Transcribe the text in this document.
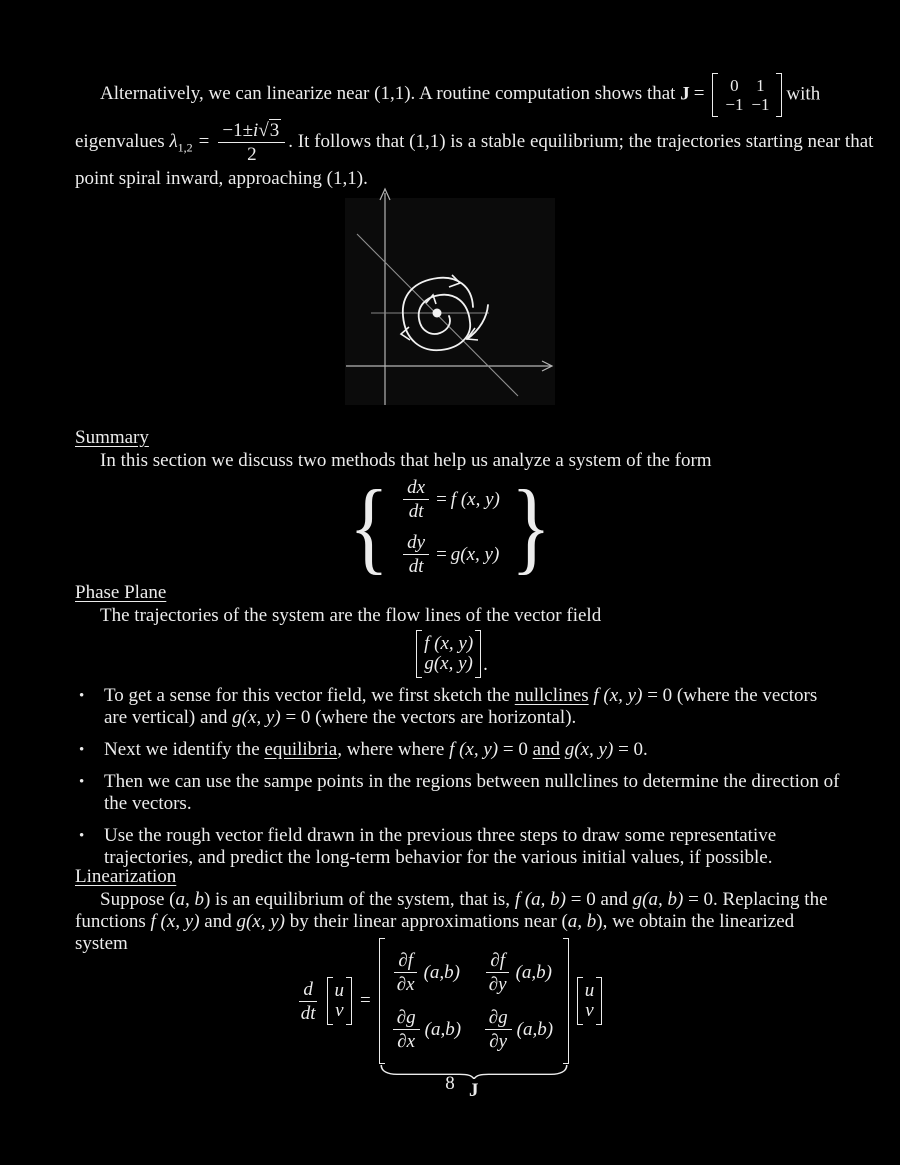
Alternatively, we can linearize near (1,1). A routine computation shows that J =	0	1
−1 −1
with
eigenvalues $\lambda_{1,2} = \frac{-1\pm i√3}{2}$ . It follows that (1,1) is a stable equilibrium; the trajectories starting near that
point spiral inward, approaching (1,1).
Summary
In this section we discuss two methods that help us analyze a system of the form
{ $\frac{dx}{dt} = f$ (x, y)
$\frac{dy}{dt} = g(x$, y) }
Phase Plane
The trajectories of the system are the flow lines of the vector field
f (x, y)
g(x, y) .
•	To get a sense for this vector field, we first sketch the nullclines f (x, y) = 0 (where the vectors are vertical) and g(x, y) = 0 (where the vectors are horizontal).
•	Next we identify the equilibria, where where f (x, y) = 0 and g(x, y) = 0.
•	Then we can use the sampe points in the regions between nullclines to determine the direction of the vectors.
•	Use the rough vector field drawn in the previous three steps to draw some representative trajectories, and predict the long-term behavior for the various initial values, if possible.
Linearization
Suppose (a, b) is an equilibrium of the system, that is, f (a, b) = 0 and g(a, b) = 0. Replacing the functions f (x, y) and g(x, y) by their linear approximations near (a, b), we obtain the linearized system
$\frac{d}{dt}$ u
v =
$\frac{\partial f}{\partial x} (a,b) \frac{\partial f}{\partial y} (a,b)$
$\frac{\partial g}{\partial x} (a,b) \frac{\partial g}{\partial y} (a,b)$
J
u
v
8
